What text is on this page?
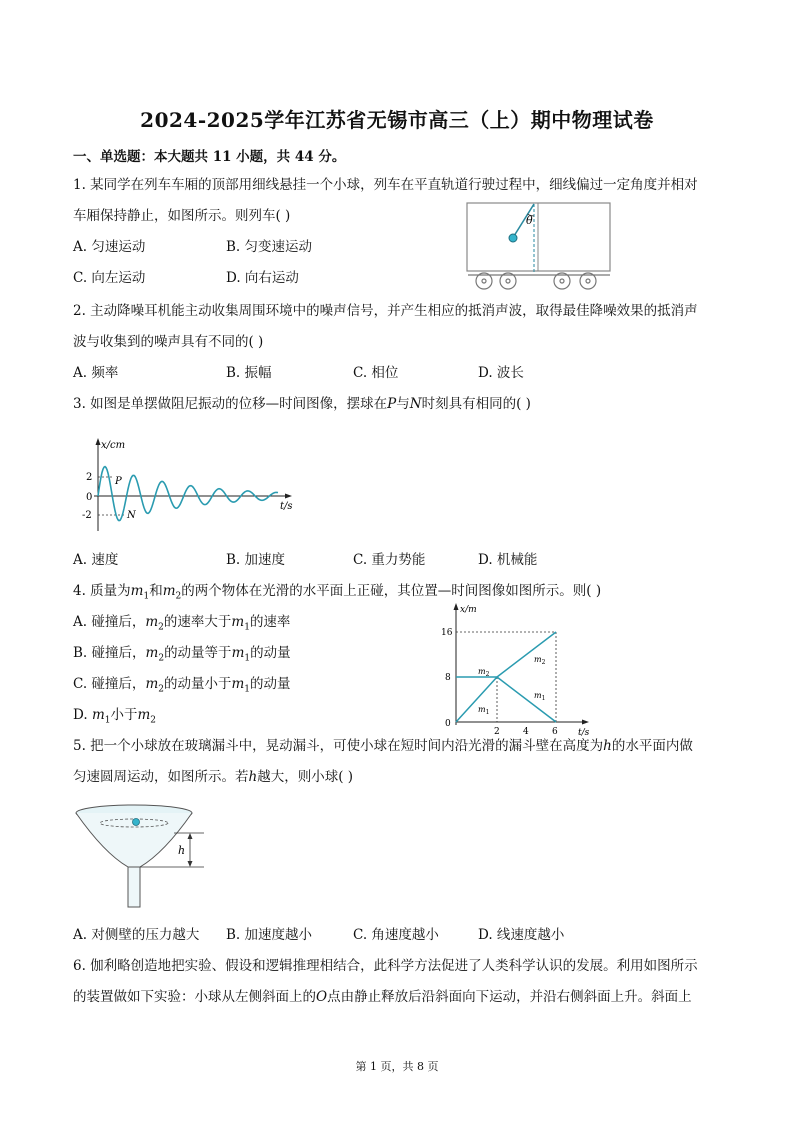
2024-2025学年江苏省无锡市高三（上）期中物理试卷
一、单选题：本大题共 11 小题，共 44 分。
1. 某同学在列车车厢的顶部用细线悬挂一个小球，列车在平直轨道行驶过程中，细线偏过一定角度并相对
车厢保持静止，如图所示。则列车( )
A. 匀速运动	B. 匀变速运动
C. 向左运动	D. 向右运动
θ
2. 主动降噪耳机能主动收集周围环境中的噪声信号，并产生相应的抵消声波，取得最佳降噪效果的抵消声
波与收集到的噪声具有不同的( )
A. 频率	B. 振幅	C. 相位	D. 波长
3. 如图是单摆做阻尼振动的位移—时间图像，摆球在P与N时刻具有相同的( )
x/cm
t/s
2
0
-2
P
N
A. 速度	B. 加速度	C. 重力势能	D. 机械能
4. 质量为$m_1$和$m_2$的两个物体在光滑的水平面上正碰，其位置—时间图像如图所示。则( )
A. 碰撞后，$m_2$的速率大于$m_1$的速率
B. 碰撞后，$m_2$的动量等于$m_1$的动量
C. 碰撞后，$m_2$的动量小于$m_1$的动量
D. $m_1$小于$m_2$
x/m
t/s
16
8
0
2	4	6
$m_2$
$m_1$
$m_2$
$m_1$
5. 把一个小球放在玻璃漏斗中，晃动漏斗，可使小球在短时间内沿光滑的漏斗壁在高度为h的水平面内做
匀速圆周运动，如图所示。若h越大，则小球( )
h
A. 对侧壁的压力越大 B. 加速度越小	C. 角速度越小	D. 线速度越小
6. 伽利略创造地把实验、假设和逻辑推理相结合，此科学方法促进了人类科学认识的发展。利用如图所示
的装置做如下实验：小球从左侧斜面上的O点由静止释放后沿斜面向下运动，并沿右侧斜面上升。斜面上
第 1 页，共 8 页
